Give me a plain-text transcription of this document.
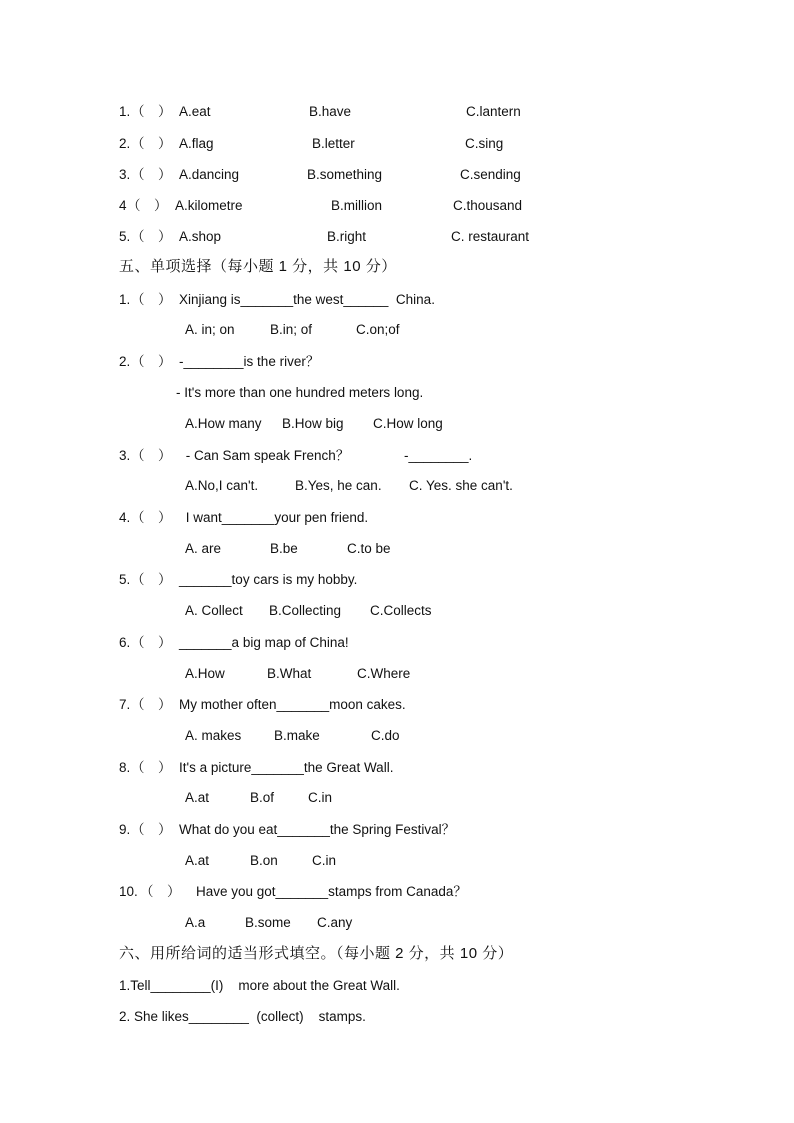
1. （　） A.eat	B.have	C.lantern
2. （　） A.flag	B.letter	C.sing
3. （　） A.dancing	B.something	C.sending
4 （　） A.kilometre	B.million	C.thousand
5. （　） A.shop	B.right	C. restaurant
五、单项选择（每小题 1 分，共 10 分）
1. （　） Xinjiang is_______the west______  China.
A. in; on	B.in; of	C.on;of
2. （　） -________is the river？
- It's more than one hundred meters long.
A.How many B.How big C.How long
3. （　） - Can Sam speak French？	-________.
A.No,I can't.	B.Yes, he can. C. Yes. she can't.
4. （　） I want_______your pen friend.
A. are	B.be	C.to be
5. （　） _______toy cars is my hobby.
A. Collect B.Collecting C.Collects
6. （　） _______a big map of China!
A.How	B.What	C.Where
7. （　） My mother often_______moon cakes.
A. makes B.make	C.do
8. （　） It's a picture_______the Great Wall.
A.at	B.of	C.in
9. （　） What do you eat_______the Spring Festival？
A.at	B.on	C.in
10. （　） Have you got_______stamps from Canada？
A.a	B.some C.any
六、用所给词的适当形式填空。（每小题 2 分，共 10 分）
1.Tell________(I)    more about the Great Wall.
2. She likes________  (collect)    stamps.
